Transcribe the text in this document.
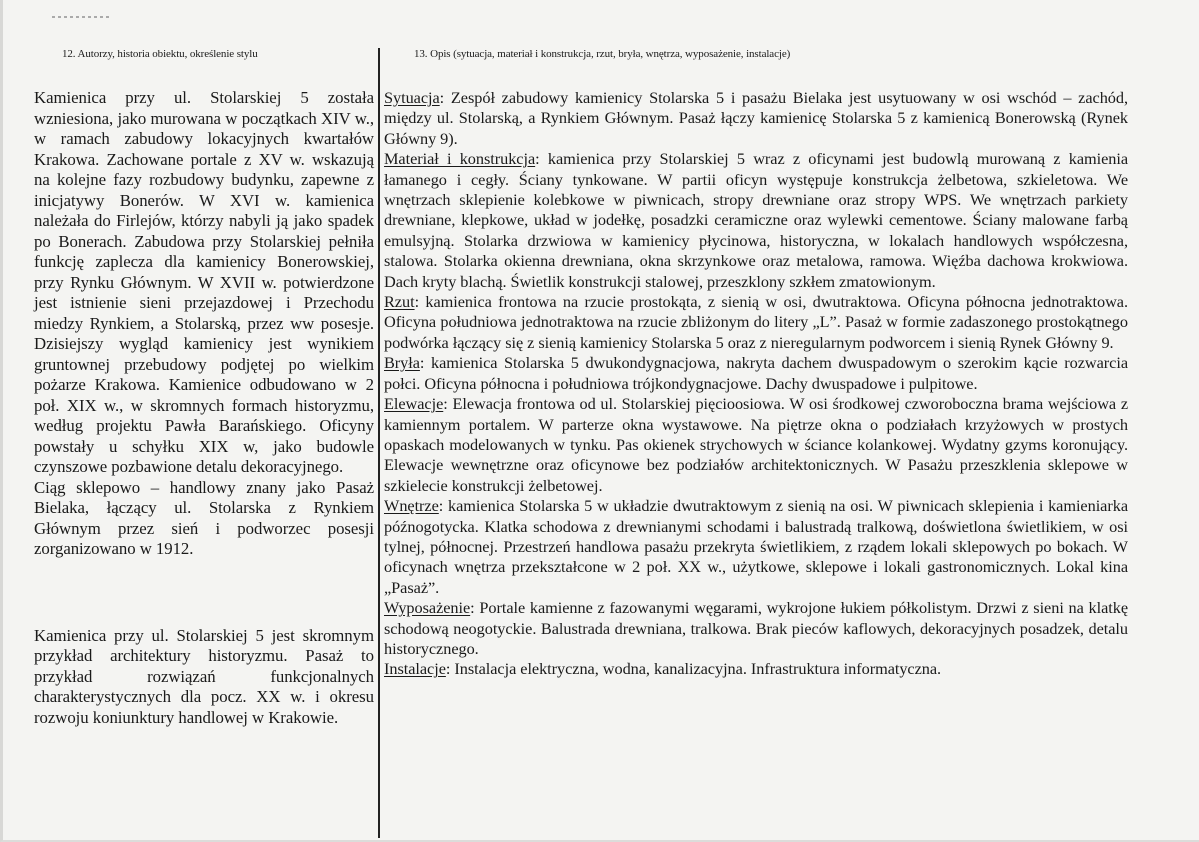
12. Autorzy, historia obiektu, określenie stylu	13. Opis (sytuacja, materiał i konstrukcja, rzut, bryła, wnętrza, wyposażenie, instalacje)

Kamienica przy ul. Stolarskiej 5 została wzniesiona, jako murowana w początkach XIV w., w ramach zabudowy lokacyjnych kwartałów Krakowa. Zachowane portale z XV w. wskazują na kolejne fazy rozbudowy budynku, zapewne z inicjatywy Bonerów. W XVI w. kamienica należała do Firlejów, którzy nabyli ją jako spadek po Bonerach. Zabudowa przy Stolarskiej pełniła funkcję zaplecza dla kamienicy Bonerowskiej, przy Rynku Głównym. W XVII w. potwierdzone jest istnienie sieni przejazdowej i Przechodu miedzy Rynkiem, a Stolarską, przez ww posesje. Dzisiejszy wygląd kamienicy jest wynikiem gruntownej przebudowy podjętej po wielkim pożarze Krakowa. Kamienice odbudowano w 2 poł. XIX w., w skromnych formach historyzmu, według projektu Pawła Barańskiego. Oficyny powstały u schyłku XIX w, jako budowle czynszowe pozbawione detalu dekoracyjnego.

Ciąg sklepowo – handlowy znany jako Pasaż Bielaka, łączący ul. Stolarska z Rynkiem Głównym przez sień i podworzec posesji zorganizowano w 1912.

Kamienica przy ul. Stolarskiej 5 jest skromnym przykład architektury historyzmu. Pasaż to przykład rozwiązań funkcjonalnych charakterystycznych dla pocz. XX w. i okresu rozwoju koniunktury handlowej w Krakowie.

Sytuacja: Zespół zabudowy kamienicy Stolarska 5 i pasażu Bielaka jest usytuowany w osi wschód – zachód, między ul. Stolarską, a Rynkiem Głównym. Pasaż łączy kamienicę Stolarska 5 z kamienicą Bonerowską (Rynek Główny 9).

Materiał i konstrukcja: kamienica przy Stolarskiej 5 wraz z oficynami jest budowlą murowaną z kamienia łamanego i cegły. Ściany tynkowane. W partii oficyn występuje konstrukcja żelbetowa, szkieletowa. We wnętrzach sklepienie kolebkowe w piwnicach, stropy drewniane oraz stropy WPS. We wnętrzach parkiety drewniane, klepkowe, układ w jodełkę, posadzki ceramiczne oraz wylewki cementowe. Ściany malowane farbą emulsyjną. Stolarka drzwiowa w kamienicy płycinowa, historyczna, w lokalach handlowych współczesna, stalowa. Stolarka okienna drewniana, okna skrzynkowe oraz metalowa, ramowa. Więźba dachowa krokwiowa. Dach kryty blachą. Świetlik konstrukcji stalowej, przeszklony szkłem zmatowionym.

Rzut: kamienica frontowa na rzucie prostokąta, z sienią w osi, dwutraktowa. Oficyna północna jednotraktowa. Oficyna południowa jednotraktowa na rzucie zbliżonym do litery „L”. Pasaż w formie zadaszonego prostokątnego podwórka łączący się z sienią kamienicy Stolarska 5 oraz z nieregularnym podworcem i sienią Rynek Główny 9.

Bryła: kamienica Stolarska 5 dwukondygnacjowa, nakryta dachem dwuspadowym o szerokim kącie rozwarcia połci. Oficyna północna i południowa trójkondygnacjowe. Dachy dwuspadowe i pulpitowe.

Elewacje: Elewacja frontowa od ul. Stolarskiej pięcioosiowa. W osi środkowej czworoboczna brama wejściowa z kamiennym portalem. W parterze okna wystawowe. Na piętrze okna o podziałach krzyżowych w prostych opaskach modelowanych w tynku. Pas okienek strychowych w ściance kolankowej. Wydatny gzyms koronujący. Elewacje wewnętrzne oraz oficynowe bez podziałów architektonicznych. W Pasażu przeszklenia sklepowe w szkielecie konstrukcji żelbetowej.

Wnętrze: kamienica Stolarska 5 w układzie dwutraktowym z sienią na osi. W piwnicach sklepienia i kamieniarka późnogotycka. Klatka schodowa z drewnianymi schodami i balustradą tralkową, doświetlona świetlikiem, w osi tylnej, północnej. Przestrzeń handlowa pasażu przekryta świetlikiem, z rządem lokali sklepowych po bokach. W oficynach wnętrza przekształcone w 2 poł. XX w., użytkowe, sklepowe i lokali gastronomicznych. Lokal kina „Pasaż”.

Wyposażenie: Portale kamienne z fazowanymi węgarami, wykrojone łukiem półkolistym. Drzwi z sieni na klatkę schodową neogotyckie. Balustrada drewniana, tralkowa. Brak pieców kaflowych, dekoracyjnych posadzek, detalu historycznego.

Instalacje: Instalacja elektryczna, wodna, kanalizacyjna. Infrastruktura informatyczna.
